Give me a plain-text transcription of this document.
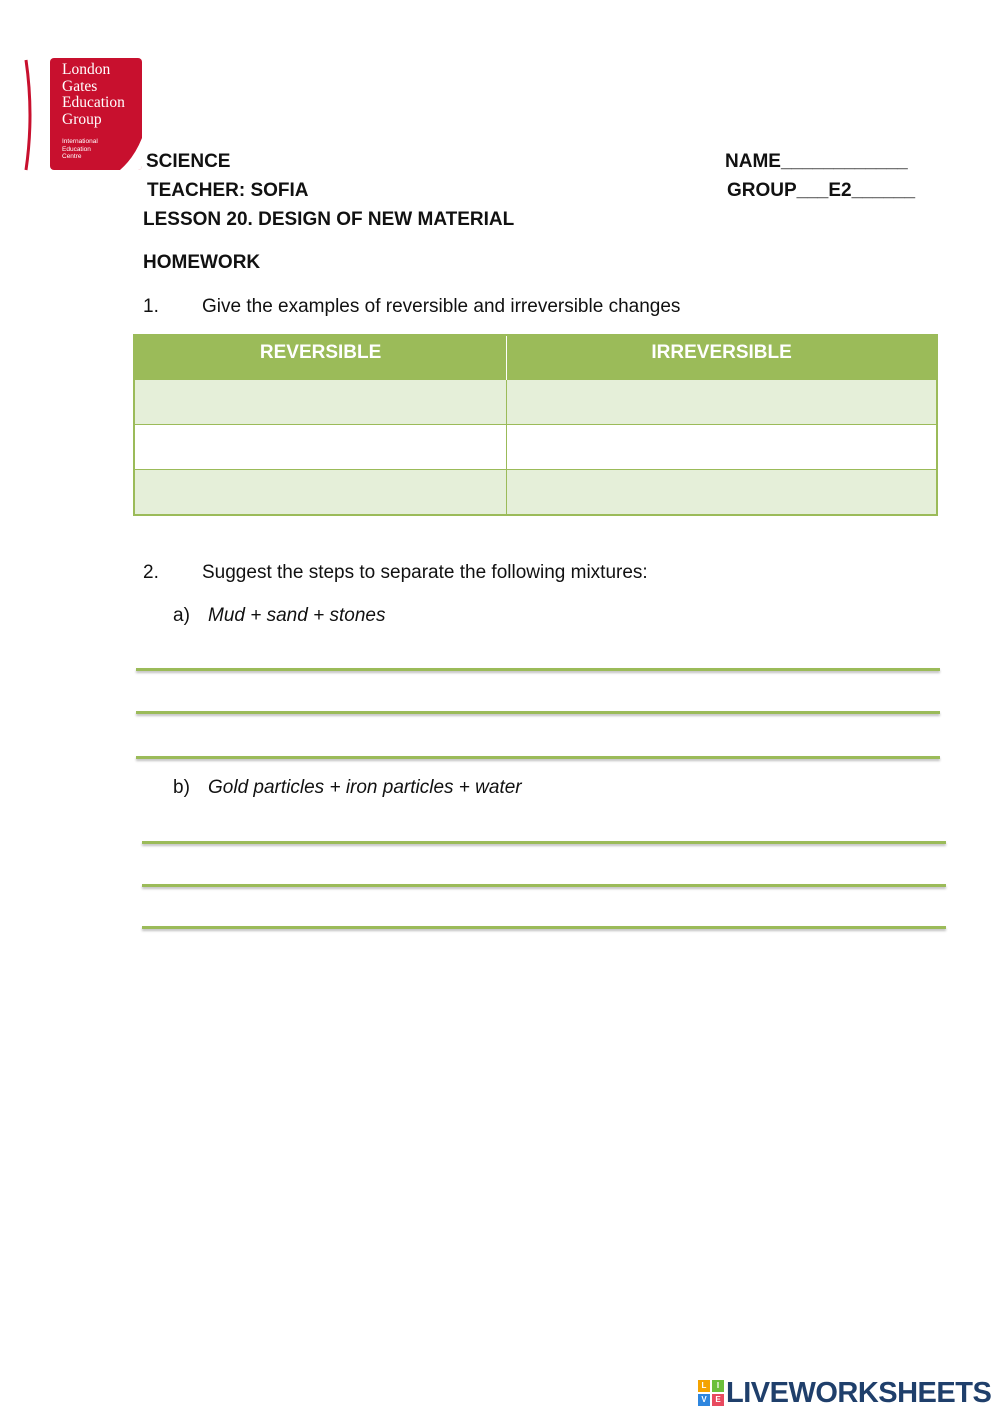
London
Gates
Education
Group
International
Education
Centre	SCIENCE
TEACHER: SOFIA
LESSON 20. DESIGN OF NEW MATERIAL
NAME____________
GROUP___E2______
HOMEWORK
1. Give the examples of reversible and irreversible changes
REVERSIBLE	IRREVERSIBLE

2. Suggest the steps to separate the following mixtures:
a) Mud + sand + stones
b) Gold particles + iron particles + water
L	I
V	E LIVEWORKSHEETS
